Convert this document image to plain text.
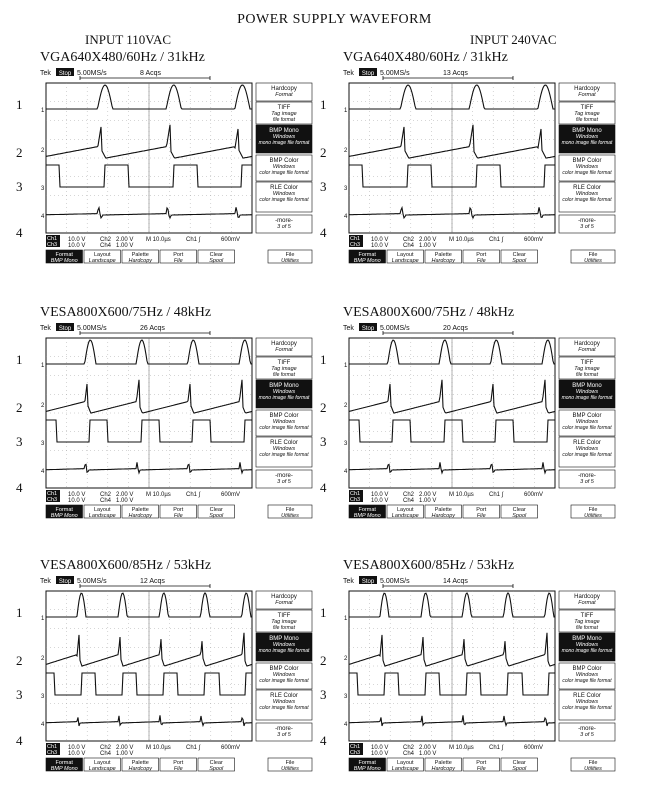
POWER SUPPLY WAVEFORM
INPUT 110VAC	INPUT 240VAC
VGA640X480/60Hz / 31kHz
1
2
3
4
Tek Stop 5.00MS/s	8 Acqs
1
2
3
4
Ch1
Ch3
10.0 V
10.0 V
Ch2
Ch4
2.00 V
1.00 V
M 10.0µs	Ch1 ∫	600mV
Hardcopy
Format
TIFF
Tag image
file format
BMP Mono
Windows
mono image file format
BMP Color
Windows
color image file format
RLE Color
Windows
color image file format
-more-
3 of 5
Format
BMP Mono
Layout
Landscape
Palette
Hardcopy
Port
File
Clear
Spool
File
Utilities
VGA640X480/60Hz / 31kHz
1
2
3
4
Tek Stop 5.00MS/s	13 Acqs
1
2
3
4
Ch1
Ch3
10.0 V
10.0 V
Ch2
Ch4
2.00 V
1.00 V
M 10.0µs	Ch1 ∫	600mV
Hardcopy
Format
TIFF
Tag image
file format
BMP Mono
Windows
mono image file format
BMP Color
Windows
color image file format
RLE Color
Windows
color image file format
-more-
3 of 5
Format
BMP Mono
Layout
Landscape
Palette
Hardcopy
Port
File
Clear
Spool
File
Utilities
VESA800X600/75Hz / 48kHz
1
2
3
4
Tek Stop 5.00MS/s	26 Acqs
1
2
3
4
Ch1
Ch3
10.0 V
10.0 V
Ch2
Ch4
2.00 V
1.00 V
M 10.0µs	Ch1 ∫	600mV
Hardcopy
Format
TIFF
Tag image
file format
BMP Mono
Windows
mono image file format
BMP Color
Windows
color image file format
RLE Color
Windows
color image file format
-more-
3 of 5
Format
BMP Mono
Layout
Landscape
Palette
Hardcopy
Port
File
Clear
Spool
File
Utilities
VESA800X600/75Hz / 48kHz
1
2
3
4
Tek Stop 5.00MS/s	20 Acqs
1
2
3
4
Ch1
Ch3
10.0 V
10.0 V
Ch2
Ch4
2.00 V
1.00 V
M 10.0µs	Ch1 ∫	600mV
Hardcopy
Format
TIFF
Tag image
file format
BMP Mono
Windows
mono image file format
BMP Color
Windows
color image file format
RLE Color
Windows
color image file format
-more-
3 of 5
Format
BMP Mono
Layout
Landscape
Palette
Hardcopy
Port
File
Clear
Spool
File
Utilities
VESA800X600/85Hz / 53kHz
1
2
3
4
Tek Stop 5.00MS/s	12 Acqs
1
2
3
4
Ch1
Ch3
10.0 V
10.0 V
Ch2
Ch4
2.00 V
1.00 V
M 10.0µs	Ch1 ∫	600mV
Hardcopy
Format
TIFF
Tag image
file format
BMP Mono
Windows
mono image file format
BMP Color
Windows
color image file format
RLE Color
Windows
color image file format
-more-
3 of 5
Format
BMP Mono
Layout
Landscape
Palette
Hardcopy
Port
File
Clear
Spool
File
Utilities
VESA800X600/85Hz / 53kHz
1
2
3
4
Tek Stop 5.00MS/s	14 Acqs
1
2
3
4
Ch1
Ch3
10.0 V
10.0 V
Ch2
Ch4
2.00 V
1.00 V
M 10.0µs	Ch1 ∫	600mV
Hardcopy
Format
TIFF
Tag image
file format
BMP Mono
Windows
mono image file format
BMP Color
Windows
color image file format
RLE Color
Windows
color image file format
-more-
3 of 5
Format
BMP Mono
Layout
Landscape
Palette
Hardcopy
Port
File
Clear
Spool
File
Utilities
